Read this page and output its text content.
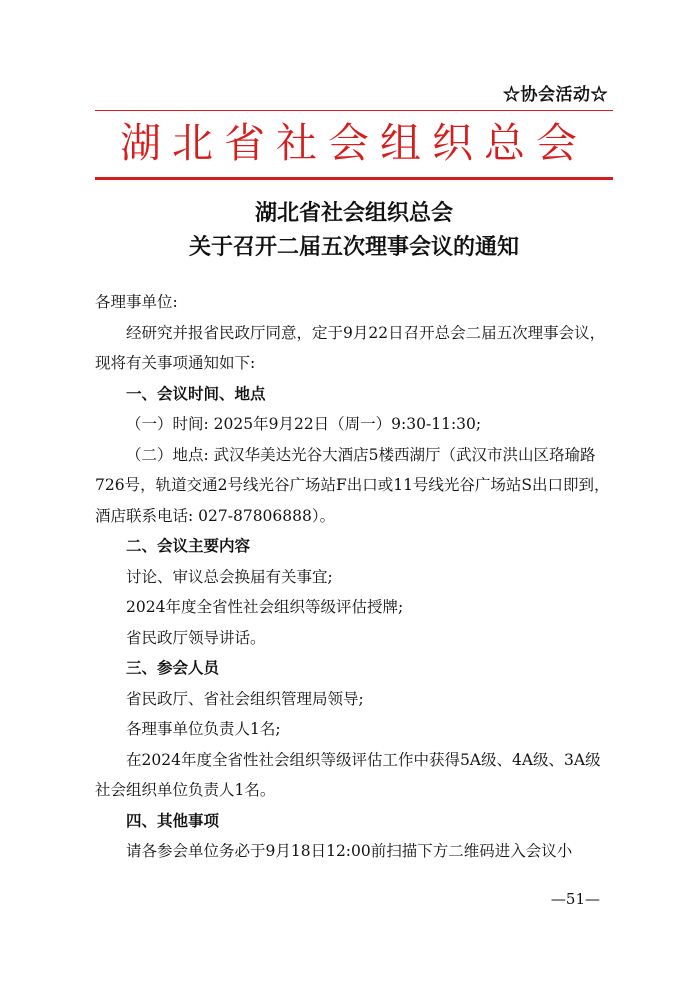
☆协会活动☆
湖北省社会组织总会
湖北省社会组织总会
关于召开二届五次理事会议的通知

各理事单位:

经研究并报省民政厅同意，定于9月22日召开总会二届五次理事会议，现将有关事项通知如下:

一、会议时间、地点

（一）时间: 2025年9月22日（周一）9:30-11:30;

（二）地点: 武汉华美达光谷大酒店5楼西湖厅（武汉市洪山区珞瑜路726号，轨道交通2号线光谷广场站F出口或11号线光谷广场站S出口即到，酒店联系电话: 027-87806888）。

二、会议主要内容

讨论、审议总会换届有关事宜;

2024年度全省性社会组织等级评估授牌;

省民政厅领导讲话。

三、参会人员

省民政厅、省社会组织管理局领导;

各理事单位负责人1名;

在2024年度全省性社会组织等级评估工作中获得5A级、4A级、3A级社会组织单位负责人1名。

四、其他事项

请各参会单位务必于9月18日12:00前扫描下方二维码进入会议小

—51—
